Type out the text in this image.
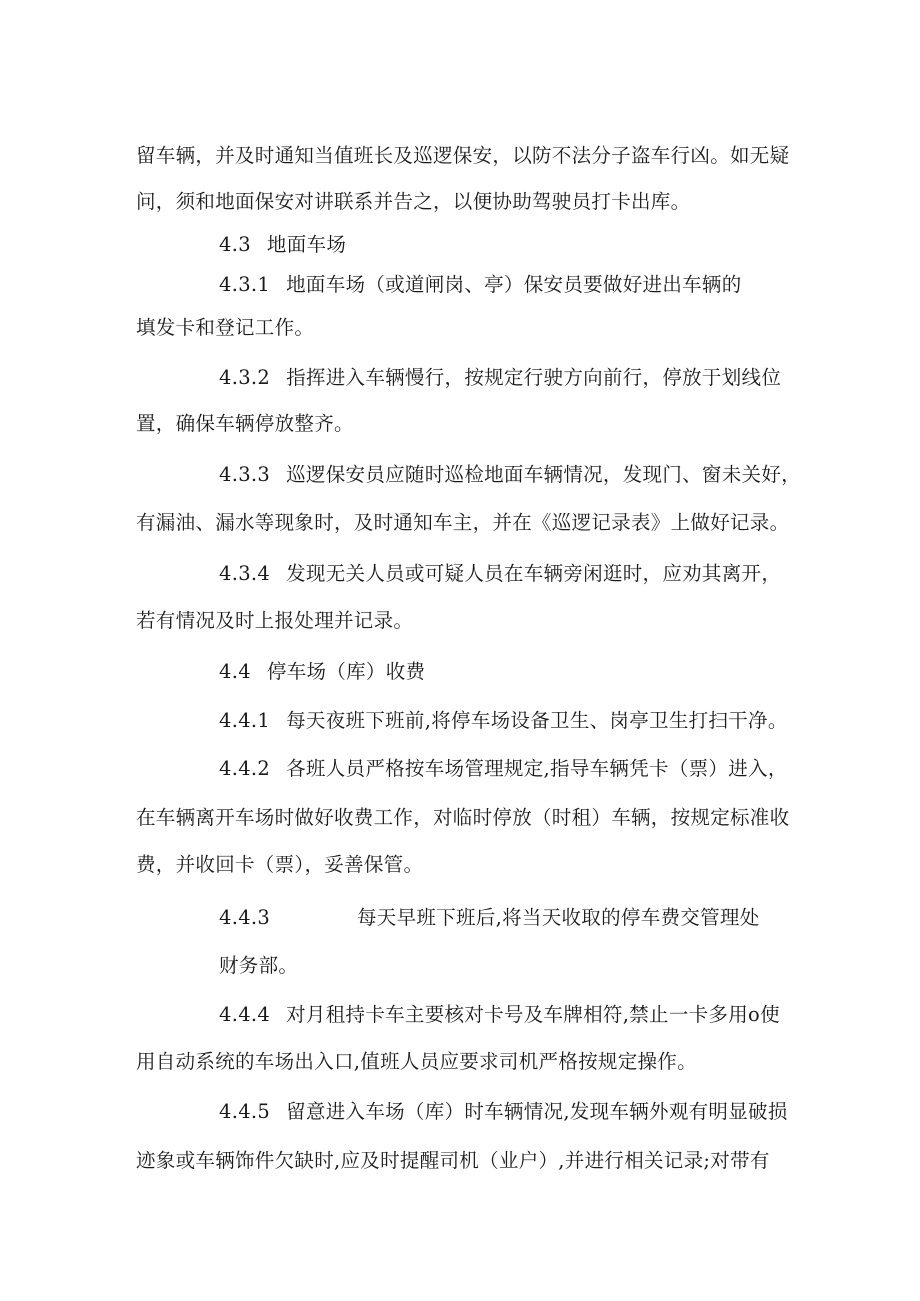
留车辆，并及时通知当值班长及巡逻保安，以防不法分子盗车行凶。如无疑
问，须和地面保安对讲联系并告之，以便协助驾驶员打卡出库。
4.3 地面车场
4.3.1 地面车场（或道闸岗、亭）保安员要做好进出车辆的
填发卡和登记工作。
4.3.2 指挥进入车辆慢行，按规定行驶方向前行，停放于划线位
置，确保车辆停放整齐。
4.3.3 巡逻保安员应随时巡检地面车辆情况，发现门、窗未关好，
有漏油、漏水等现象时，及时通知车主，并在《巡逻记录表》上做好记录。
4.3.4 发现无关人员或可疑人员在车辆旁闲逛时，应劝其离开，
若有情况及时上报处理并记录。
4.4 停车场（库）收费
4.4.1 每天夜班下班前,将停车场设备卫生、岗亭卫生打扫干净。
4.4.2 各班人员严格按车场管理规定,指导车辆凭卡（票）进入，
在车辆离开车场时做好收费工作，对临时停放（时租）车辆，按规定标准收
费，并收回卡（票），妥善保管。
4.4.3	每天早班下班后,将当天收取的停车费交管理处
财务部。
4.4.4 对月租持卡车主要核对卡号及车牌相符,禁止一卡多用o使
用自动系统的车场出入口,值班人员应要求司机严格按规定操作。
4.4.5 留意进入车场（库）时车辆情况,发现车辆外观有明显破损
迹象或车辆饰件欠缺时,应及时提醒司机（业户）,并进行相关记录;对带有
